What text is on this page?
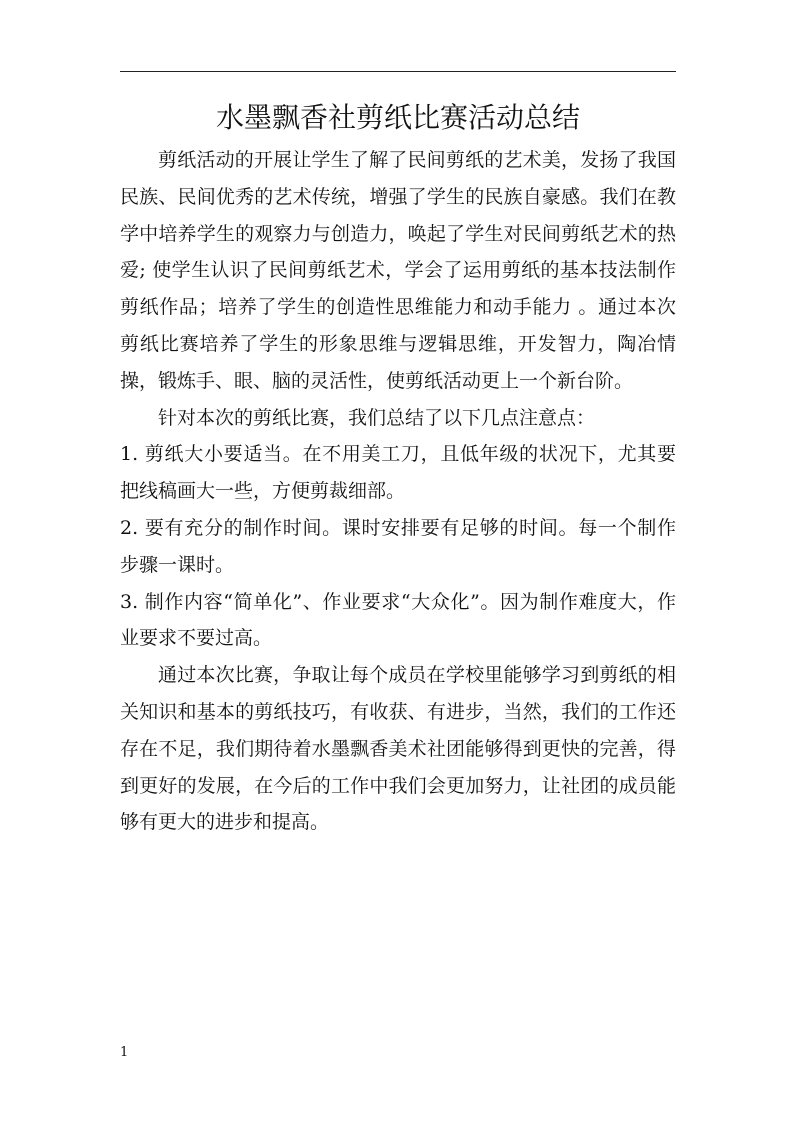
水墨飘香社剪纸比赛活动总结

剪纸活动的开展让学生了解了民间剪纸的艺术美，发扬了我国民族、民间优秀的艺术传统，增强了学生的民族自豪感。我们在教学中培养学生的观察力与创造力，唤起了学生对民间剪纸艺术的热爱; 使学生认识了民间剪纸艺术，学会了运用剪纸的基本技法制作剪纸作品；培养了学生的创造性思维能力和动手能力 。通过本次剪纸比赛培养了学生的形象思维与逻辑思维，开发智力，陶冶情操，锻炼手、眼、脑的灵活性，使剪纸活动更上一个新台阶。

针对本次的剪纸比赛，我们总结了以下几点注意点：

1. 剪纸大小要适当。在不用美工刀，且低年级的状况下，尤其要把线稿画大一些，方便剪裁细部。

2. 要有充分的制作时间。课时安排要有足够的时间。每一个制作步骤一课时。

3. 制作内容“简单化”、作业要求“大众化”。因为制作难度大，作业要求不要过高。

通过本次比赛，争取让每个成员在学校里能够学习到剪纸的相关知识和基本的剪纸技巧，有收获、有进步，当然，我们的工作还存在不足，我们期待着水墨飘香美术社团能够得到更快的完善，得到更好的发展，在今后的工作中我们会更加努力，让社团的成员能够有更大的进步和提高。

1
